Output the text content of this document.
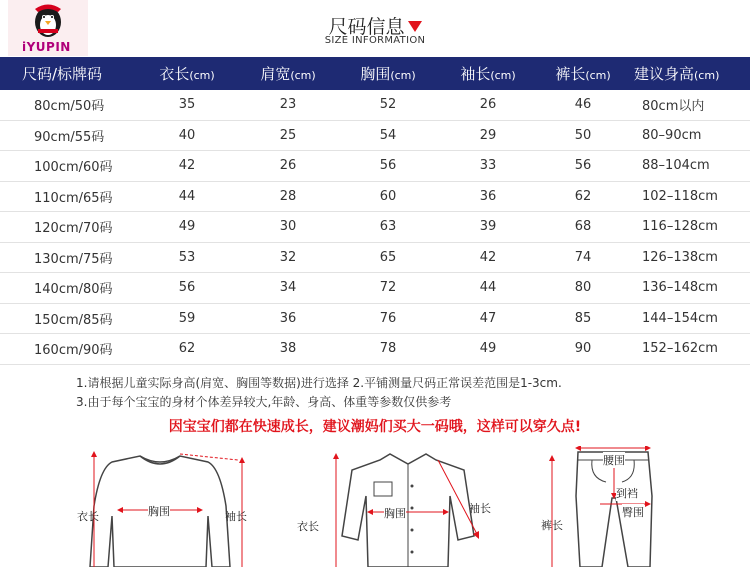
iYUPIN
尺码信息
SIZE INFORMATION
尺码/标牌码	衣长(cm)	肩宽(cm)	胸围(cm)	袖长(cm)	裤长(cm)	建议身高(cm)
80cm/50码	35	23	52	26	46	80cm以内
90cm/55码	40	25	54	29	50	80–90cm
100cm/60码	42	26	56	33	56	88–104cm
110cm/65码	44	28	60	36	62	102–118cm
120cm/70码	49	30	63	39	68	116–128cm
130cm/75码	53	32	65	42	74	126–138cm
140cm/80码	56	34	72	44	80	136–148cm
150cm/85码	59	36	76	47	85	144–154cm
160cm/90码	62	38	78	49	90	152–162cm
1.请根据儿童实际身高(肩宽、胸围等数据)进行选择 2.平铺测量尺码正常误差范围是1-3cm.
3.由于每个宝宝的身材个体差异较大,年龄、身高、体重等参数仅供参考
因宝宝们都在快速成长，建议潮妈们买大一码哦，这样可以穿久点!
衣长	胸围	袖长
衣长
胸围	袖长
腰围
到裆
臀围
裤长
